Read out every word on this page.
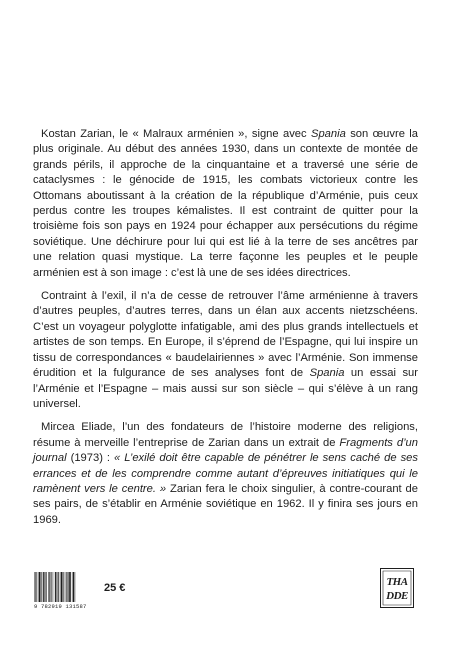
Kostan Zarian, le « Malraux arménien », signe avec Spania son œuvre la plus originale. Au début des années 1930, dans un contexte de montée de grands périls, il approche de la cinquantaine et a traversé une série de cataclysmes : le génocide de 1915, les combats victorieux contre les Ottomans aboutissant à la création de la république d’Arménie, puis ceux perdus contre les troupes kémalistes. Il est contraint de quitter pour la troisième fois son pays en 1924 pour échapper aux persécutions du régime soviétique. Une déchirure pour lui qui est lié à la terre de ses ancêtres par une relation quasi mystique. La terre façonne les peuples et le peuple arménien est à son image : c’est là une de ses idées directrices.

Contraint à l’exil, il n’a de cesse de retrouver l’âme arménienne à travers d’autres peuples, d’autres terres, dans un élan aux accents nietzschéens. C’est un voyageur polyglotte infatigable, ami des plus grands intellectuels et artistes de son temps. En Europe, il s’éprend de l’Espagne, qui lui inspire un tissu de correspondances « baudelairiennes » avec l’Arménie. Son immense érudition et la fulgurance de ses analyses font de Spania un essai sur l’Arménie et l’Espagne – mais aussi sur son siècle – qui s’élève à un rang universel.

Mircea Eliade, l’un des fondateurs de l’histoire moderne des religions, résume à merveille l’entreprise de Zarian dans un extrait de Fragments d’un journal (1973) : « L’exilé doit être capable de pénétrer le sens caché de ses errances et de les comprendre comme autant d’épreuves initiatiques qui le ramènent vers le centre. » Zarian fera le choix singulier, à contre-courant de ses pairs, de s’établir en Arménie soviétique en 1962. Il y finira ses jours en 1969.

9 782919 131587
25 €	THA
DDE
